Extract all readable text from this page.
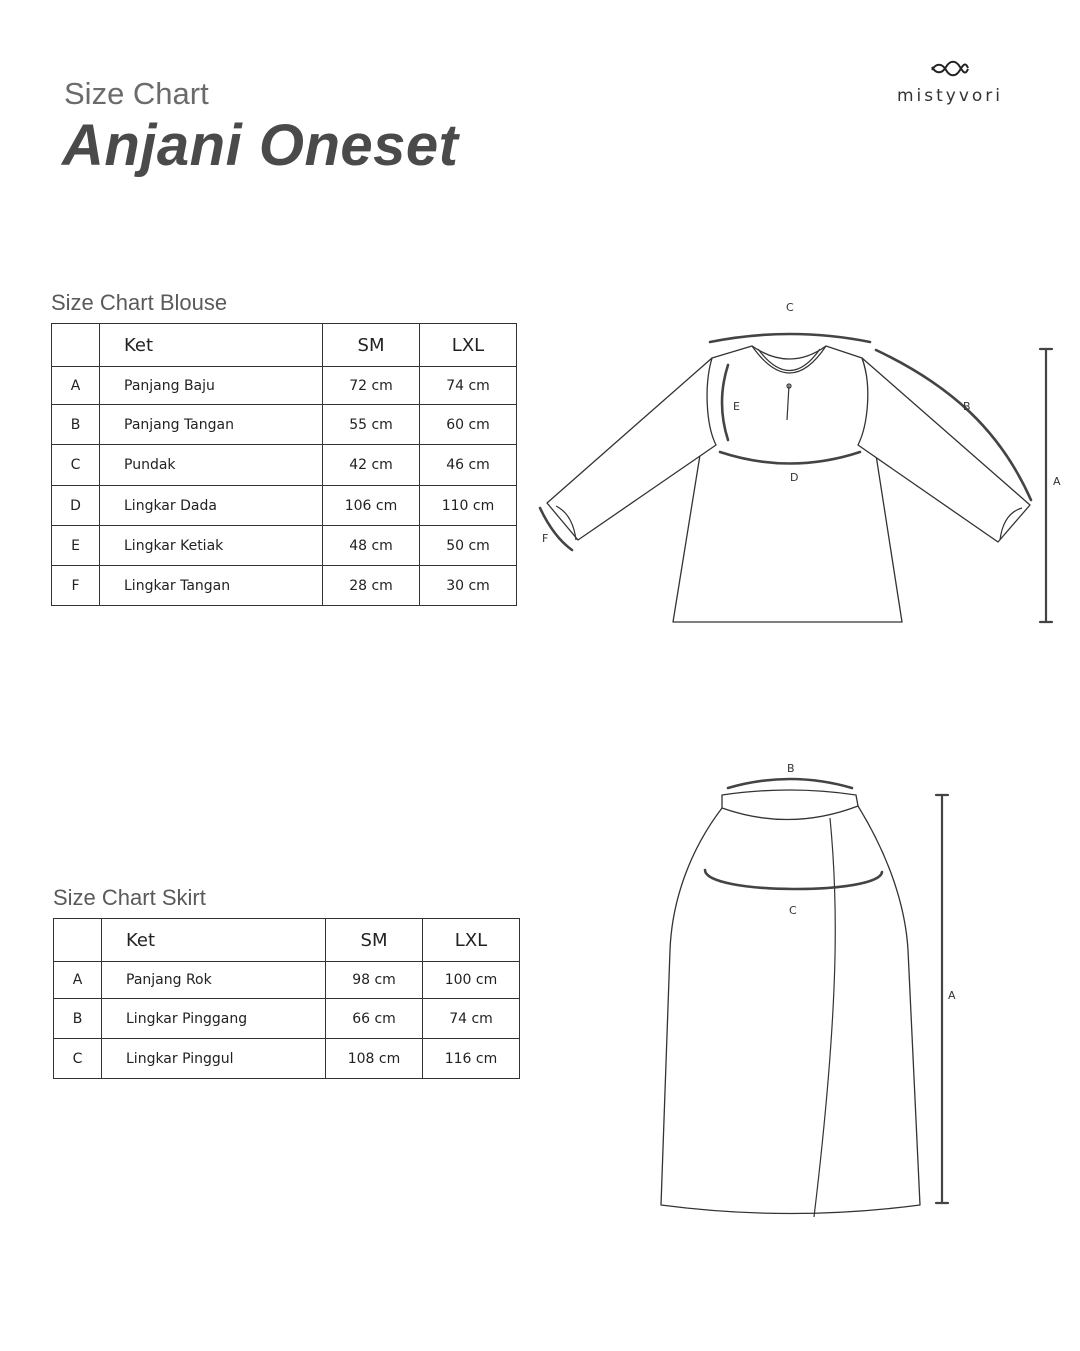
Size Chart
Anjani Oneset
mistyvori
Size Chart Blouse
	Ket	SM	LXL
A	Panjang Baju	72 cm	74 cm
B	Panjang Tangan	55 cm	60 cm
C	Pundak	42 cm	46 cm
D	Lingkar Dada	106 cm	110 cm
E	Lingkar Ketiak	48 cm	50 cm
F	Lingkar Tangan	28 cm	30 cm
C
B
E
D	A
F
Size Chart Skirt
	Ket	SM	LXL
A	Panjang Rok	98 cm	100 cm
B	Lingkar Pinggang	66 cm	74 cm
C	Lingkar Pinggul	108 cm	116 cm
B
C
A
